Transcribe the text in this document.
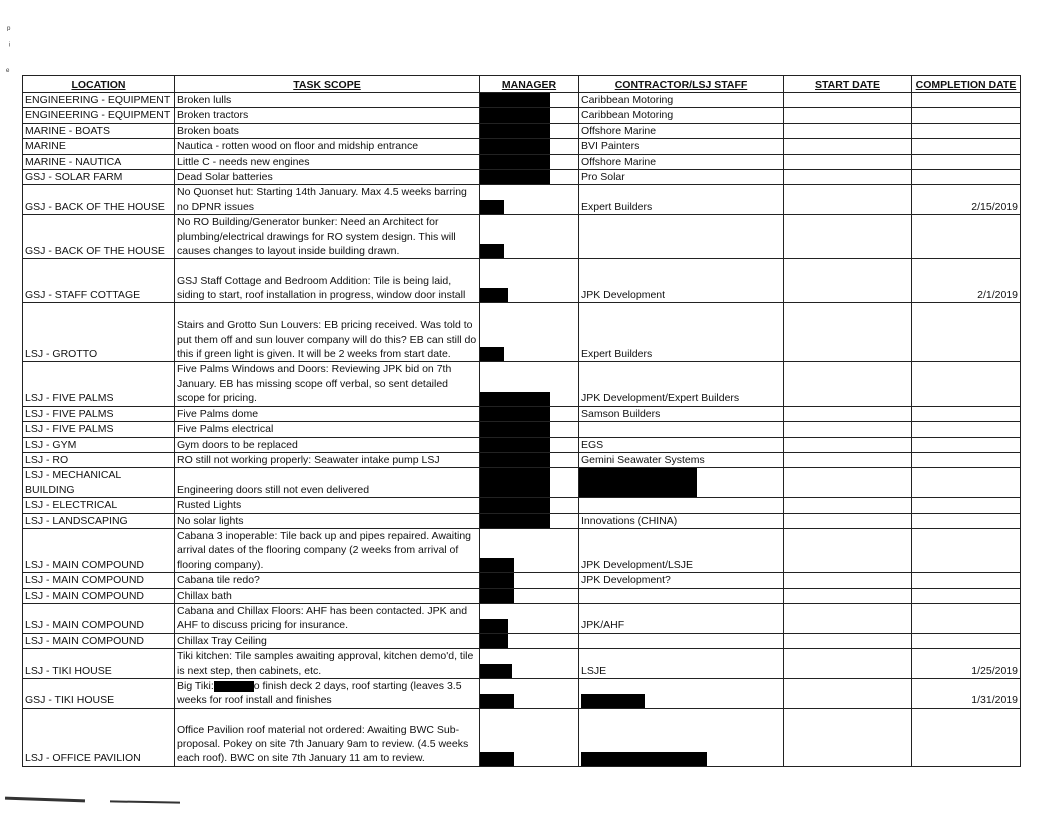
ᵖ
ᵢ
ᵉ
LOCATION	TASK SCOPE	MANAGER	CONTRACTOR/LSJ STAFF	START DATE	COMPLETION DATE
ENGINEERING - EQUIPMENT	Broken lulls		Caribbean Motoring		
ENGINEERING - EQUIPMENT	Broken tractors		Caribbean Motoring		
MARINE - BOATS	Broken boats		Offshore Marine		
MARINE	Nautica - rotten wood on floor and midship entrance		BVI Painters		
MARINE - NAUTICA	Little C - needs new engines		Offshore Marine		
GSJ - SOLAR FARM	Dead Solar batteries		Pro Solar		
GSJ - BACK OF THE HOUSE	No Quonset hut: Starting 14th January. Max 4.5 weeks barring no DPNR issues		Expert Builders		2/15/2019
GSJ - BACK OF THE HOUSE	No RO Building/Generator bunker: Need an Architect for plumbing/electrical drawings for RO system design. This will causes changes to layout inside building drawn.	

GSJ - STAFF COTTAGE	GSJ Staff Cottage and Bedroom Addition: Tile is being laid, siding to start, roof installation in progress, window door install		JPK Development		2/1/2019
LSJ - GROTTO	Stairs and Grotto Sun Louvers: EB pricing received. Was told to put them off and sun louver company will do this? EB can still do this if green light is given. It will be 2 weeks from start date.		Expert Builders		
LSJ - FIVE PALMS	Five Palms Windows and Doors: Reviewing JPK bid on 7th January. EB has missing scope off verbal, so sent detailed scope for pricing.		JPK Development/Expert Builders		
LSJ - FIVE PALMS	Five Palms dome		Samson Builders		
LSJ - FIVE PALMS	Five Palms electrical	

LSJ - GYM	Gym doors to be replaced		EGS		
LSJ - RO	RO still not working properly: Seawater intake pump LSJ		Gemini Seawater Systems		
LSJ - MECHANICAL BUILDING	Engineering doors still not even delivered	

LSJ - ELECTRICAL	Rusted Lights	

LSJ - LANDSCAPING	No solar lights		Innovations (CHINA)		
LSJ - MAIN COMPOUND	Cabana 3 inoperable: Tile back up and pipes repaired. Awaiting arrival dates of the flooring company (2 weeks from arrival of flooring company).		JPK Development/LSJE		
LSJ - MAIN COMPOUND	Cabana tile redo?		JPK Development?		
LSJ - MAIN COMPOUND	Chillax bath	

LSJ - MAIN COMPOUND	Cabana and Chillax Floors: AHF has been contacted. JPK and AHF to discuss pricing for insurance.		JPK/AHF		
LSJ - MAIN COMPOUND	Chillax Tray Ceiling	

LSJ - TIKI HOUSE	Tiki kitchen: Tile samples awaiting approval, kitchen demo'd, tile is next step, then cabinets, etc.		LSJE		1/25/2019
GSJ - TIKI HOUSE	Big Tiki: o finish deck 2 days, roof starting (leaves 3.5 weeks for roof install and finishes				1/31/2019
LSJ - OFFICE PAVILION	Office Pavilion roof material not ordered: Awaiting BWC Sub-proposal. Pokey on site 7th January 9am to review. (4.5 weeks each roof). BWC on site 7th January 11 am to review.	
